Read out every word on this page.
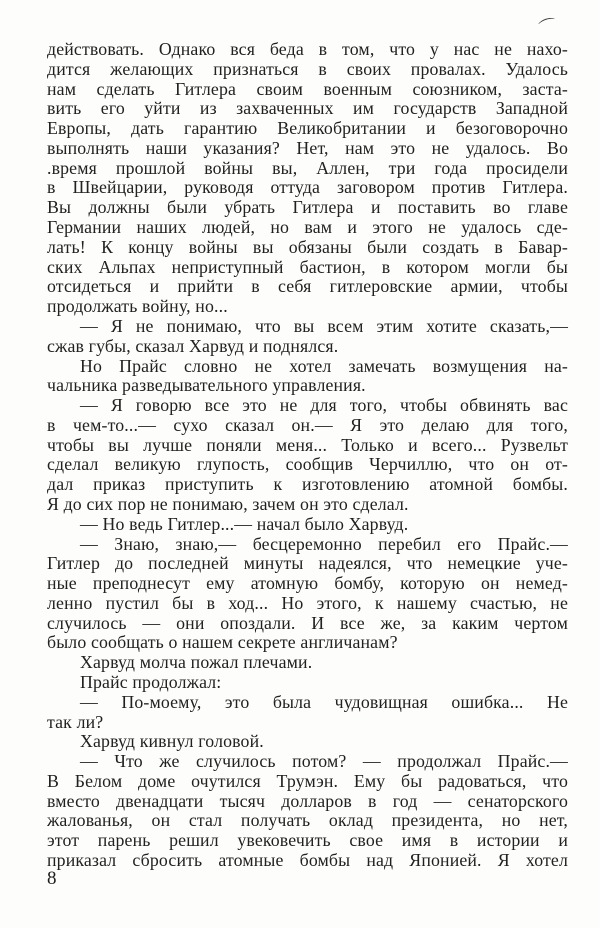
⌒
действовать. Однако вся беда в том, что у нас не нахо-
дится желающих признаться в своих провалах. Удалось
нам сделать Гитлера своим военным союзником, заста-
вить его уйти из захваченных им государств Западной
Европы, дать гарантию Великобритании и безоговорочно
выполнять наши указания? Нет, нам это не удалось. Во
.время прошлой войны вы, Аллен, три года просидели
в Швейцарии, руководя оттуда заговором против Гитлера.
Вы должны были убрать Гитлера и поставить во главе
Германии наших людей, но вам и этого не удалось сде-
лать! К концу войны вы обязаны были создать в Бавар-
ских Альпах неприступный бастион, в котором могли бы
отсидеться и прийти в себя гитлеровские армии, чтобы
продолжать войну, но...
— Я не понимаю, что вы всем этим хотите сказать,—
сжав губы, сказал Харвуд и поднялся.
Но Прайс словно не хотел замечать возмущения на-
чальника разведывательного управления.
— Я говорю все это не для того, чтобы обвинять вас
в чем-то...— сухо сказал он.— Я это делаю для того,
чтобы вы лучше поняли меня... Только и всего... Рузвельт
сделал великую глупость, сообщив Черчиллю, что он от-
дал приказ приступить к изготовлению атомной бомбы.
Я до сих пор не понимаю, зачем он это сделал.
— Но ведь Гитлер...— начал было Харвуд.
— Знаю, знаю,— бесцеремонно перебил его Прайс.—
Гитлер до последней минуты надеялся, что немецкие уче-
ные преподнесут ему атомную бомбу, которую он немед-
ленно пустил бы в ход... Но этого, к нашему счастью, не
случилось — они опоздали. И все же, за каким чертом
было сообщать о нашем секрете англичанам?
Харвуд молча пожал плечами.
Прайс продолжал:
— По-моему, это была чудовищная ошибка... Не
так ли?
Харвуд кивнул головой.
— Что же случилось потом? — продолжал Прайс.—
В Белом доме очутился Трумэн. Ему бы радоваться, что
вместо двенадцати тысяч долларов в год — сенаторского
жалованья, он стал получать оклад президента, но нет,
этот парень решил увековечить свое имя в истории и
приказал сбросить атомные бомбы над Японией. Я хотел
8
